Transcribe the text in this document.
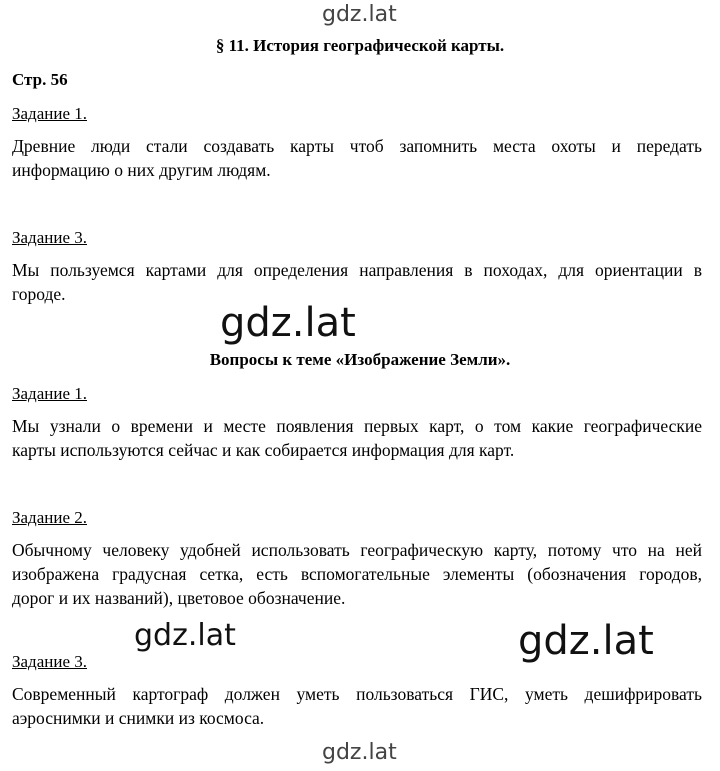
gdz.lat
gdz.lat
gdz.lat	gdz.lat
gdz.lat
§ 11. История географической карты.
Стр. 56
Задание 1.
Древние люди стали создавать карты чтоб запомнить места охоты и передать
информацию о них другим людям.
Задание 3.
Мы пользуемся картами для определения направления в походах, для ориентации в
городе.
Вопросы к теме «Изображение Земли».
Задание 1.
Мы узнали о времени и месте появления первых карт, о том какие географические
карты используются сейчас и как собирается информация для карт.
Задание 2.
Обычному человеку удобней использовать географическую карту, потому что на ней
изображена градусная сетка, есть вспомогательные элементы (обозначения городов,
дорог и их названий), цветовое обозначение.
Задание 3.
Современный картограф должен уметь пользоваться ГИС, уметь дешифрировать
аэроснимки и снимки из космоса.
